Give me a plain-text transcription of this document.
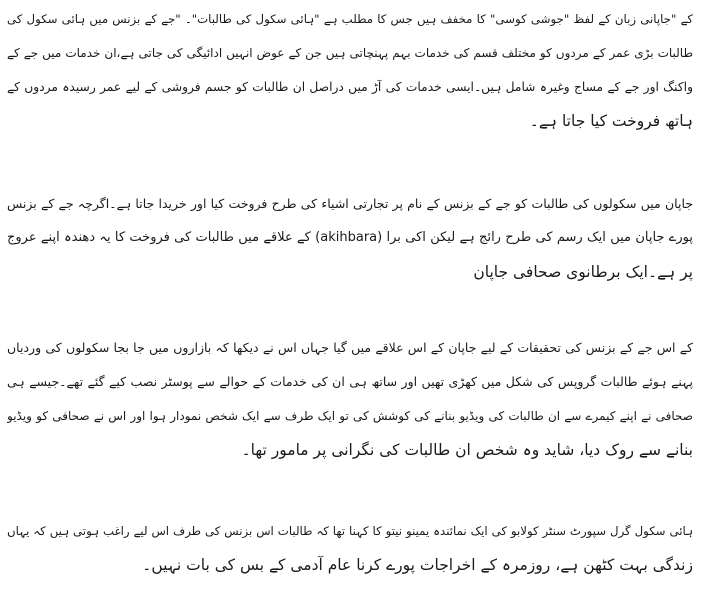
کے "جاپانی زبان کے لفظ "جوشی کوسی" کا مخفف ہیں جس کا مطلب ہے "ہائی سکول کی طالبات"۔ "جے کے بزنس میں ہائی سکول کی
طالبات بڑی عمر کے مردوں کو مختلف قسم کی خدمات بہم پہنچاتی ہیں جن کے عوض انہیں ادائیگی کی جاتی ہے،ان خدمات میں جے کے
واکنگ اور جے کے مساج وغیرہ شامل ہیں۔ایسی خدمات کی آڑ میں دراصل ان طالبات کو جسم فروشی کے لیے عمر رسیدہ مردوں کے
ہاتھ فروخت کیا جاتا ہے۔
جاپان میں سکولوں کی طالبات کو جے کے بزنس کے نام پر تجارتی اشیاء کی طرح فروخت کیا اور خریدا جاتا ہے۔اگرچہ جے کے بزنس
پورے جاپان میں ایک رسم کی طرح رائج ہے لیکن اکی برا (akihbara) کے علاقے میں طالبات کی فروخت کا یہ دھندہ اپنے عروج
پر ہے۔ایک برطانوی صحافی جاپان
کے اس جے کے بزنس کی تحقیقات کے لیے جاپان کے اس علاقے میں گیا جہاں اس نے دیکھا کہ بازاروں میں جا بجا سکولوں کی وردیاں
پہنے ہوئے طالبات گروپس کی شکل میں کھڑی تھیں اور ساتھ ہی ان کی خدمات کے حوالے سے پوسٹر نصب کیے گئے تھے۔جیسے ہی
صحافی نے اپنے کیمرے سے ان طالبات کی ویڈیو بنانے کی کوشش کی تو ایک طرف سے ایک شخص نمودار ہوا اور اس نے صحافی کو ویڈیو
بنانے سے روک دیا، شاید وہ شخص ان طالبات کی نگرانی پر مامور تھا۔
ہائی سکول گرل سپورٹ سنٹر کولابو کی ایک نمائندہ یمینو نیتو کا کہنا تھا کہ طالبات اس بزنس کی طرف اس لیے راغب ہوتی ہیں کہ یہاں
زندگی بہت کٹھن ہے، روزمرہ کے اخراجات پورے کرنا عام آدمی کے بس کی بات نہیں۔
